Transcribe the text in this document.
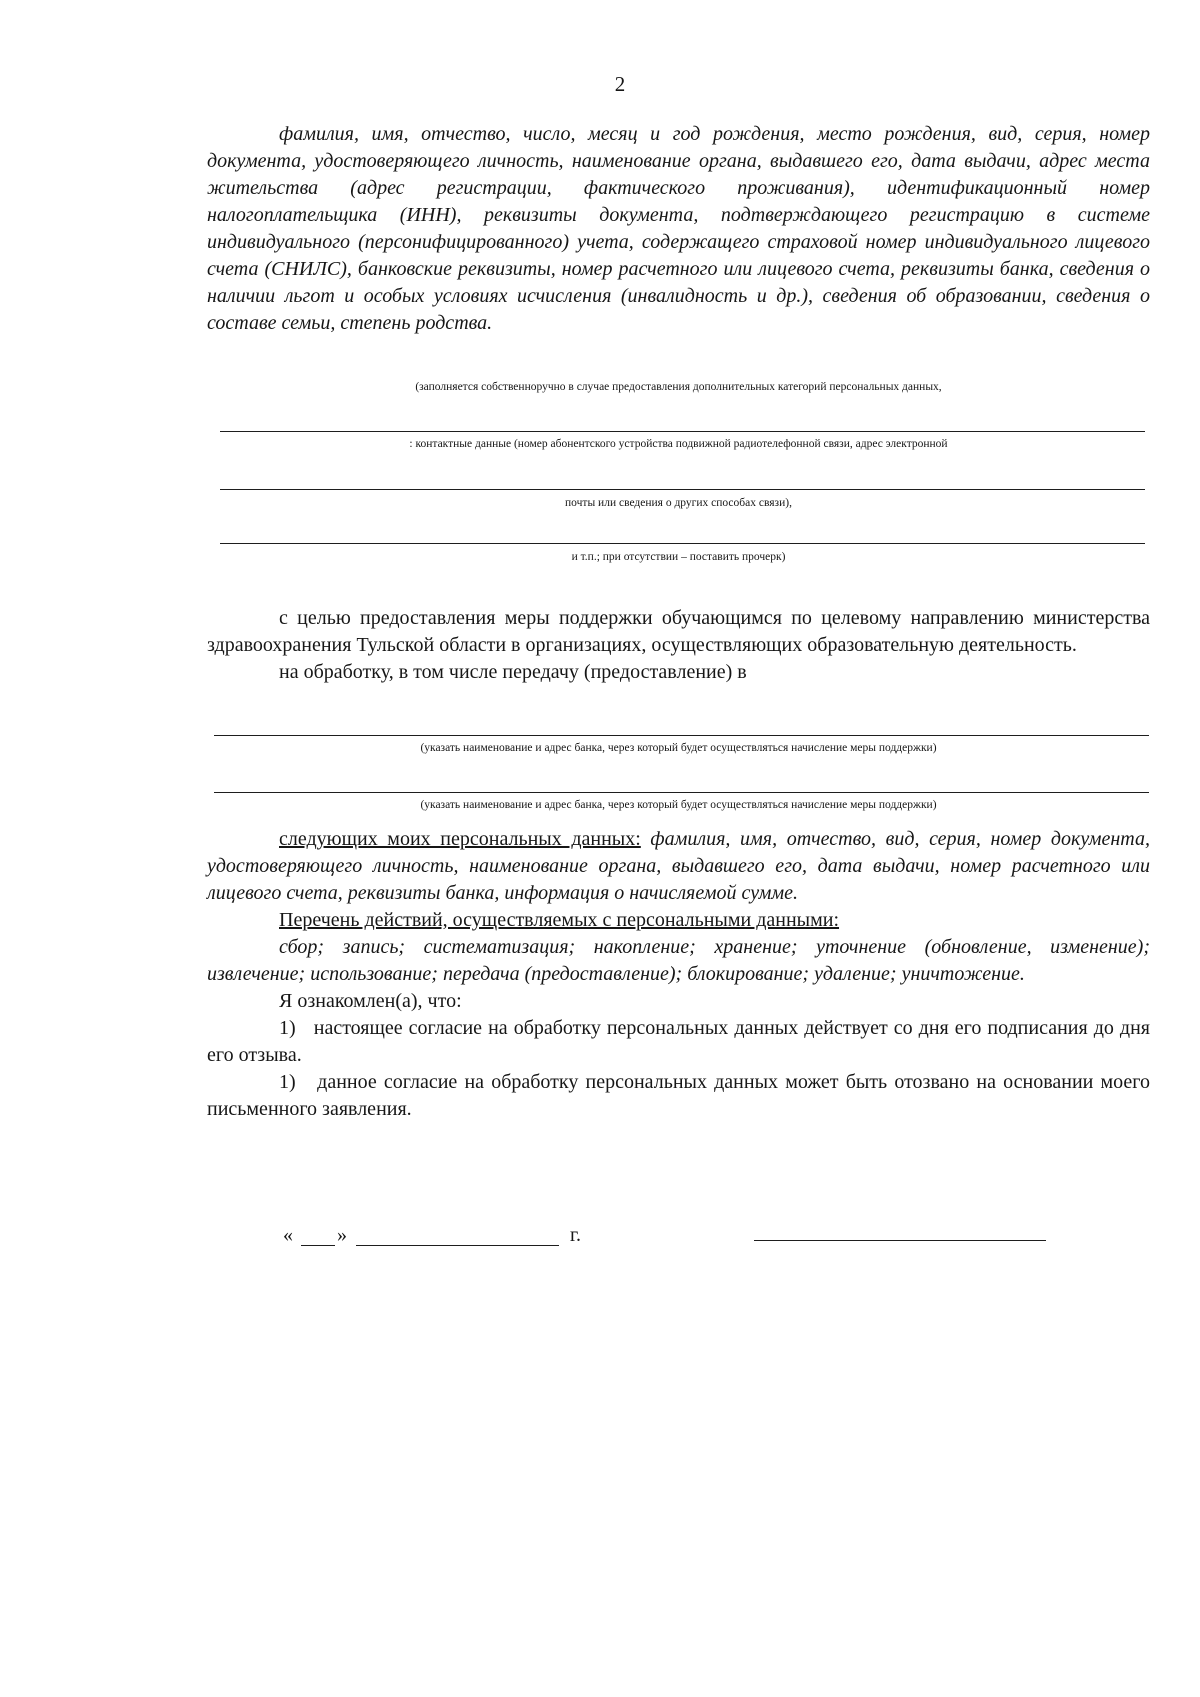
2

фамилия, имя, отчество, число, месяц и год рождения, место рождения, вид, серия, номер документа, удостоверяющего личность, наименование органа, выдавшего его, дата выдачи, адрес места жительства (адрес регистрации, фактического проживания), идентификационный номер налогоплательщика (ИНН), реквизиты документа, подтверждающего регистрацию в системе индивидуального (персонифицированного) учета, содержащего страховой номер индивидуального лицевого счета (СНИЛС), банковские реквизиты, номер расчетного или лицевого счета, реквизиты банка, сведения о наличии льгот и особых условиях исчисления (инвалидность и др.), сведения об образовании, сведения о составе семьи, степень родства.

(заполняется собственноручно в случае предоставления дополнительных категорий персональных данных,
: контактные данные (номер абонентского устройства подвижной радиотелефонной связи, адрес электронной
почты или сведения о других способах связи),
и т.п.; при отсутствии – поставить прочерк)

с целью предоставления меры поддержки обучающимся по целевому направлению министерства здравоохранения Тульской области в организациях, осуществляющих образовательную деятельность.

на обработку, в том числе передачу (предоставление) в

(указать наименование и адрес банка, через который будет осуществляться начисление меры поддержки)
(указать наименование и адрес банка, через который будет осуществляться начисление меры поддержки)

следующих моих персональных данных: фамилия, имя, отчество, вид, серия, номер документа, удостоверяющего личность, наименование органа, выдавшего его, дата выдачи, номер расчетного или лицевого счета, реквизиты банка, информация о начисляемой сумме.

Перечень действий, осуществляемых с персональными данными:

сбор; запись; систематизация; накопление; хранение; уточнение (обновление, изменение); извлечение; использование; передача (предоставление); блокирование; удаление; уничтожение.

Я ознакомлен(а), что:

1) настоящее согласие на обработку персональных данных действует со дня его подписания до дня его отзыва.

1) данное согласие на обработку персональных данных может быть отозвано на основании моего письменного заявления.

« »	г.
